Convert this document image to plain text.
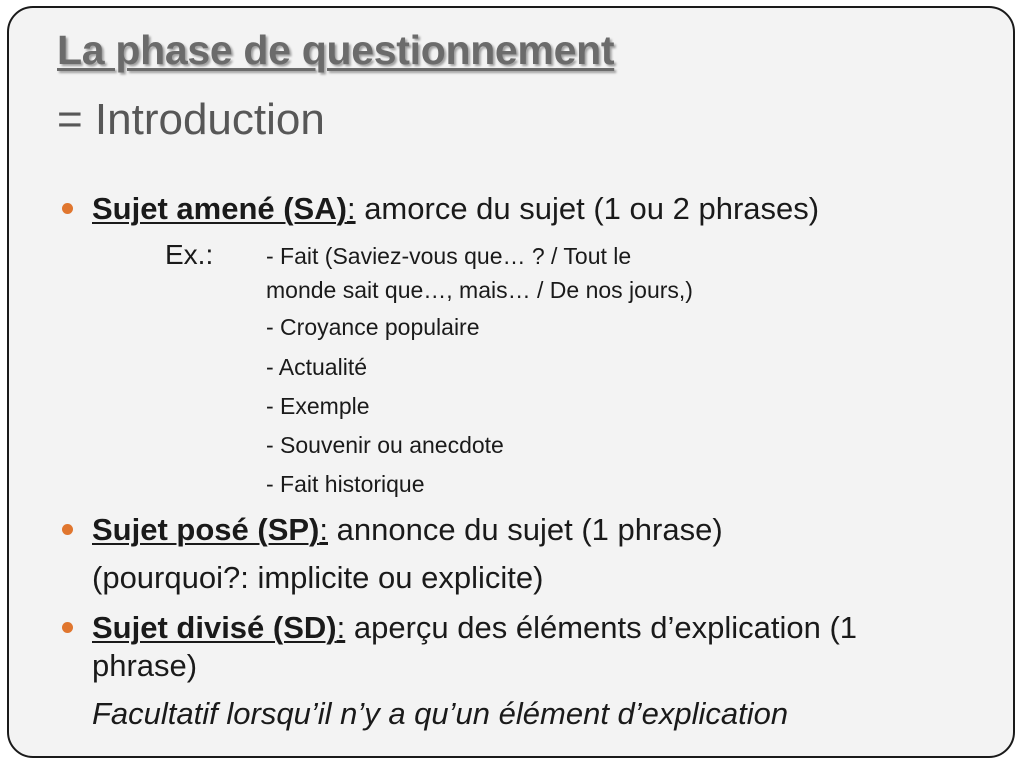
La phase de questionnement
= Introduction
Sujet amené (SA): amorce du sujet (1 ou 2 phrases)
Ex.: - Fait (Saviez-vous que… ? / Tout le
monde sait que…, mais… / De nos jours,)
- Croyance populaire
- Actualité
- Exemple
- Souvenir ou anecdote
- Fait historique
Sujet posé (SP): annonce du sujet (1 phrase)
(pourquoi?: implicite ou explicite)
Sujet divisé (SD): aperçu des éléments d’explication (1
phrase)
Facultatif lorsqu’il n’y a qu’un élément d’explication
